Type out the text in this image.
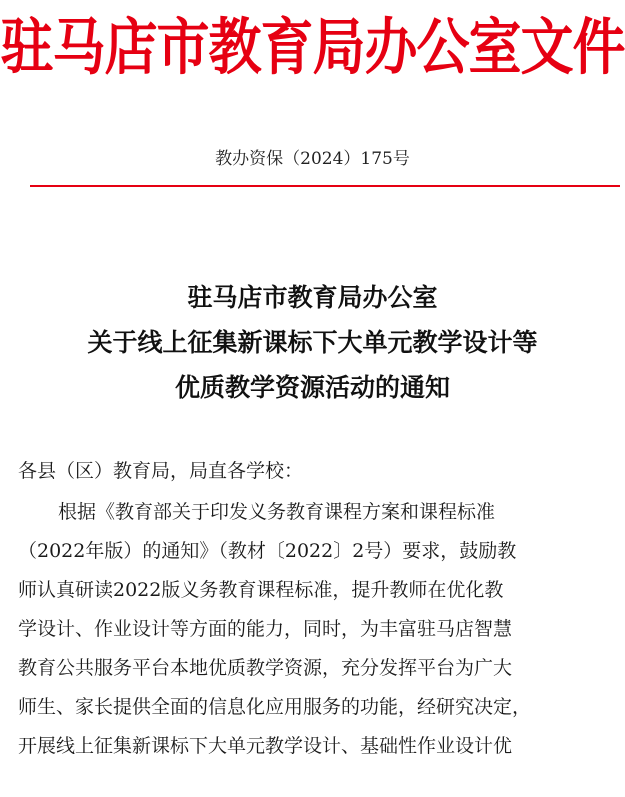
驻马店市教育局办公室文件
教办资保（2024）175号
驻马店市教育局办公室
关于线上征集新课标下大单元教学设计等
优质教学资源活动的通知
各县（区）教育局，局直各学校：
根据《教育部关于印发义务教育课程方案和课程标准
（2022年版）的通知》（教材〔2022〕2号）要求，鼓励教
师认真研读2022版义务教育课程标准，提升教师在优化教
学设计、作业设计等方面的能力，同时，为丰富驻马店智慧
教育公共服务平台本地优质教学资源，充分发挥平台为广大
师生、家长提供全面的信息化应用服务的功能，经研究决定，
开展线上征集新课标下大单元教学设计、基础性作业设计优
